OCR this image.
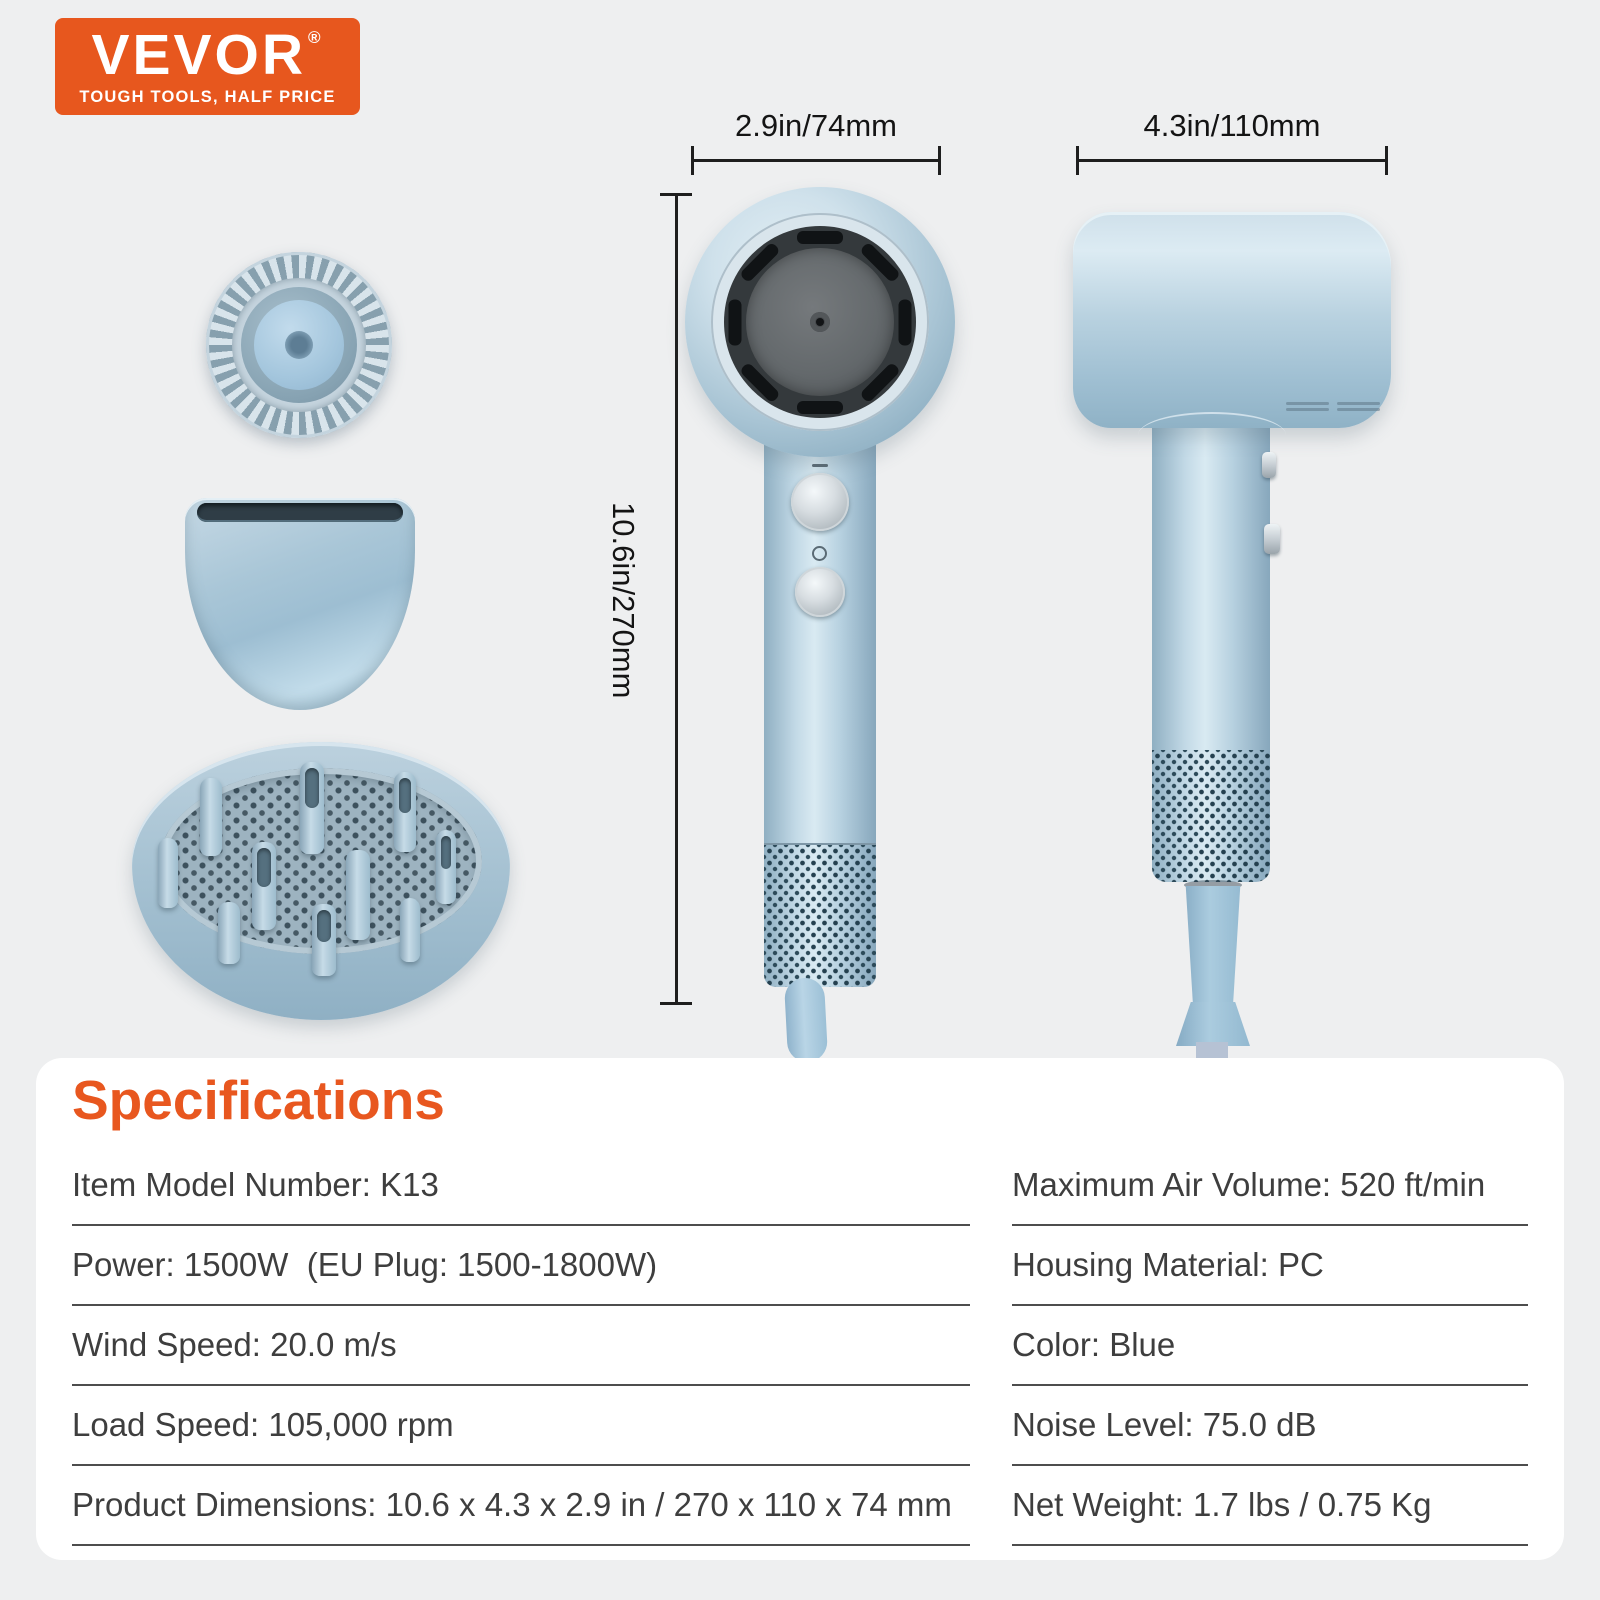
VEVOR ®
TOUGH TOOLS, HALF PRICE
2.9in/74mm	4.3in/110mm
10.6in/270mm
Specifications
Item Model Number: K13
Power: 1500W  (EU Plug: 1500-1800W)
Wind Speed: 20.0 m/s
Load Speed: 105,000 rpm
Product Dimensions: 10.6 x 4.3 x 2.9 in / 270 x 110 x 74 mm
Maximum Air Volume: 520 ft/min
Housing Material: PC
Color: Blue
Noise Level: 75.0 dB
Net Weight: 1.7 lbs / 0.75 Kg
